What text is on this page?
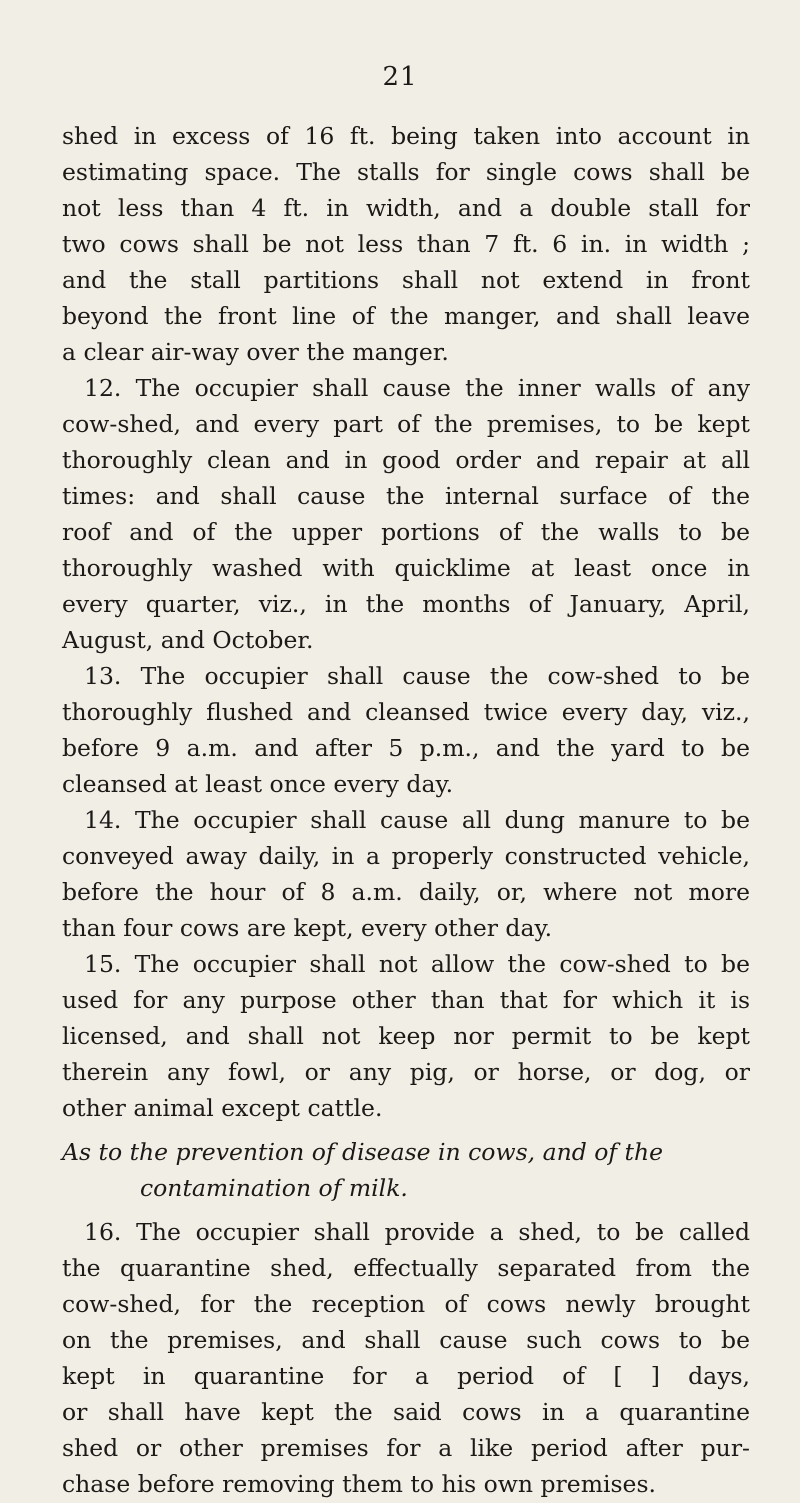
21
shed in excess of 16 ft. being taken into account in
estimating space. The stalls for single cows shall be
not less than 4 ft. in width, and a double stall for
two cows shall be not less than 7 ft. 6 in. in width ;
and the stall partitions shall not extend in front
beyond the front line of the manger, and shall leave
a clear air-way over the manger.
12. The occupier shall cause the inner walls of any
cow-shed, and every part of the premises, to be kept
thoroughly clean and in good order and repair at all
times: and shall cause the internal surface of the
roof and of the upper portions of the walls to be
thoroughly washed with quicklime at least once in
every quarter, viz., in the months of January, April,
August, and October.
13. The occupier shall cause the cow-shed to be
thoroughly flushed and cleansed twice every day, viz.,
before 9 a.m. and after 5 p.m., and the yard to be
cleansed at least once every day.
14. The occupier shall cause all dung manure to be
conveyed away daily, in a properly constructed vehicle,
before the hour of 8 a.m. daily, or, where not more
than four cows are kept, every other day.
15. The occupier shall not allow the cow-shed to be
used for any purpose other than that for which it is
licensed, and shall not keep nor permit to be kept
therein any fowl, or any pig, or horse, or dog, or
other animal except cattle.
As to the prevention of disease in cows, and of the
contamination of milk.
16. The occupier shall provide a shed, to be called
the quarantine shed, effectually separated from the
cow-shed, for the reception of cows newly brought
on the premises, and shall cause such cows to be
kept in quarantine for a period of [ ] days,
or shall have kept the said cows in a quarantine
shed or other premises for a like period after pur-
chase before removing them to his own premises.
